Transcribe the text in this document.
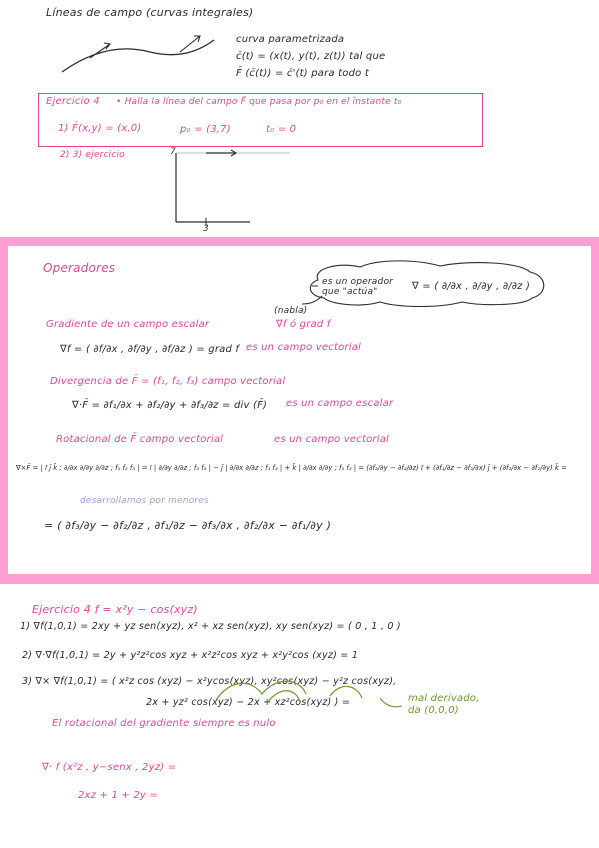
Líneas de campo (curvas integrales)
curva parametrizada
c̄(t) = (x(t), y(t), z(t)) tal que
F̄ (c̄(t)) = c̄'(t) para todo t
Ejercicio 4 • Halla la línea del campo F̄ que pasa por p₀ en el instante t₀
1) F̄(x,y) = (x,0)	p₀ = (3,7)	t₀ = 0
2) 3) ejercicio	7
3
Operadores
es un operador
que "actúa"	∇ = ( ∂/∂x , ∂/∂y , ∂/∂z )
(nabla)
Gradiente de un campo escalar	∇f ó grad f
∇f = ( ∂f/∂x , ∂f/∂y , ∂f/∂z ) = grad f es un campo vectorial
Divergencia de F̄ = (f₁, f₂, f₃) campo vectorial
∇·F̄ = ∂f₁/∂x + ∂f₂/∂y + ∂f₃/∂z = div (F̄) es un campo escalar
Rotacional de F̄ campo vectorial	es un campo vectorial
∇×F̄ = | ī j̄ k̄ ; ∂/∂x ∂/∂y ∂/∂z ; f₁ f₂ f₃ | = ī | ∂/∂y ∂/∂z ; f₂ f₃ | − j̄ | ∂/∂x ∂/∂z ; f₁ f₃ | + k̄ | ∂/∂x ∂/∂y ; f₁ f₂ | = (∂f₃/∂y − ∂f₂/∂z) ī + (∂f₁/∂z − ∂f₃/∂x) j̄ + (∂f₂/∂x − ∂f₁/∂y) k̄ =
desarrollamos por menores
= ( ∂f₃/∂y − ∂f₂/∂z , ∂f₁/∂z − ∂f₃/∂x , ∂f₂/∂x − ∂f₁/∂y )
Ejercicio 4 f = x²y − cos(xyz)
1) ∇f(1,0,1) = 2xy + yz sen(xyz), x² + xz sen(xyz), xy sen(xyz) = ( 0 , 1 , 0 )
2) ∇·∇f(1,0,1) = 2y + y²z²cos xyz + x²z²cos xyz + x²y²cos (xyz) = 1
3) ∇× ∇f(1,0,1) = ( x²z cos (xyz) − x²ycos(xyz), xy²cos(xyz) − y²z cos(xyz),
2x + yz² cos(xyz) − 2x + xz²cos(xyz) ) =	mal derivado,
da (0,0,0)
El rotacional del gradiente siempre es nulo
∇· f (x²z , y−senx , 2yz) =
2xz + 1 + 2y =
